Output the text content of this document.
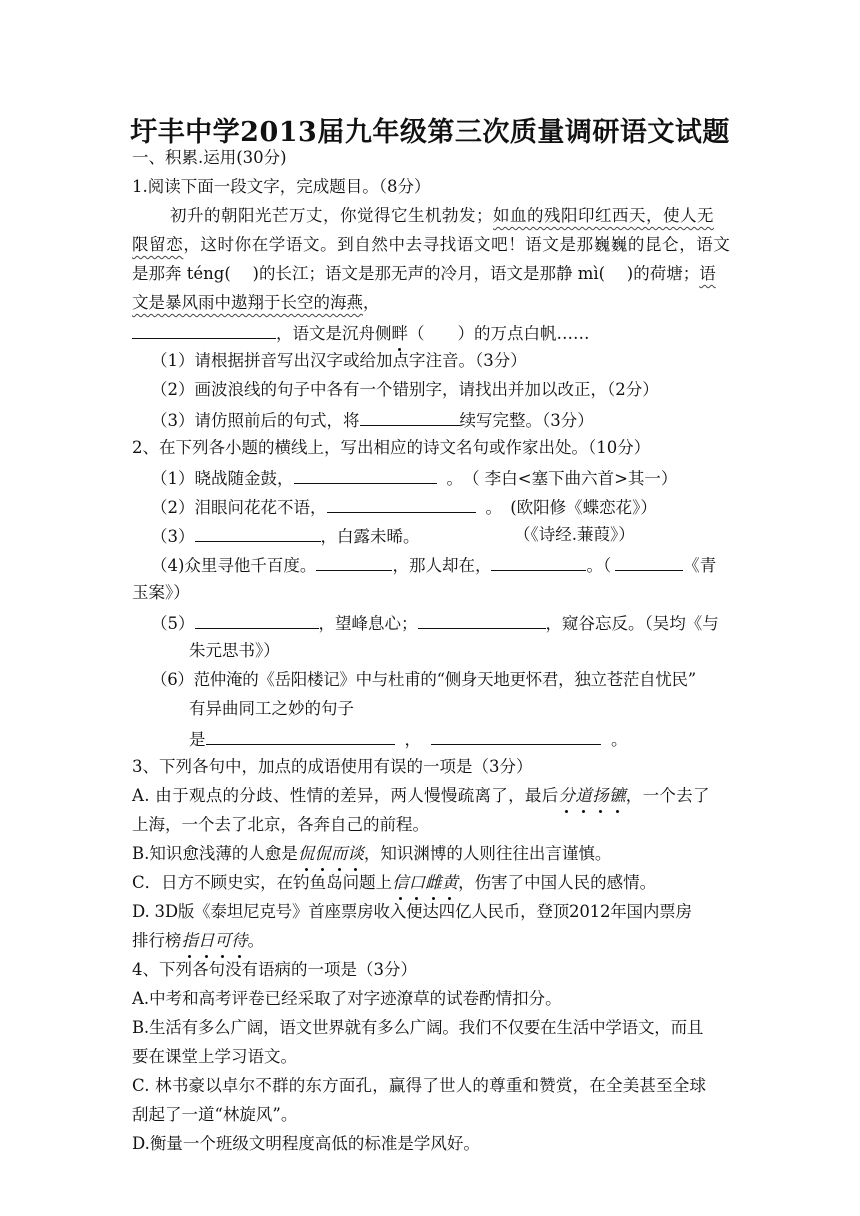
圩丰中学2013届九年级第三次质量调研语文试题
一、积累.运用(30分)
1.阅读下面一段文字，完成题目。（8分）
初升的朝阳光芒万丈，你觉得它生机勃发；如血的残阳印红西天，使人无
限留恋，这时你在学语文。到自然中去寻找语文吧！语文是那巍巍的昆仑，语文
是那奔 téng(　 )的长江；语文是那无声的冷月，语文是那静 mì(　 )的荷塘；语
文是暴风雨中遨翔于长空的海燕，
，语文是沉舟侧畔（　　）的万点白帆……
（1）请根据拼音写出汉字或给加点字注音。（3分）
（2）画波浪线的句子中各有一个错别字，请找出并加以改正，（2分）
（3）请仿照前后的句式，将	续写完整。（3分）
2、在下列各小题的横线上，写出相应的诗文名句或作家出处。（10分）
（1）晓战随金鼓，	。　（ 李白<塞下曲六首>其一）
（2）泪眼问花花不语，	。　(欧阳修《蝶恋花》）
（3）	，白露未晞。	（《诗经.蒹葭》）
（4)众里寻他千百度。	，那人却在，	。（	《青
玉案》）
（5）	，望峰息心；	，窥谷忘反。（吴均《与
朱元思书》）
（6）范仲淹的《岳阳楼记》中与杜甫的“侧身天地更怀君，独立苍茫自忧民”
有异曲同工之妙的句子
是	，	。
3、下列各句中，加点的成语使用有误的一项是（3分）
A. 由于观点的分歧、性情的差异，两人慢慢疏离了，最后分道扬镳，一个去了
上海，一个去了北京，各奔自己的前程。
B.知识愈浅薄的人愈是侃侃而谈，知识渊博的人则往往出言谨慎。
C．日方不顾史实，在钓鱼岛问题上信口雌黄，伤害了中国人民的感情。
D. 3D版《泰坦尼克号》首座票房收入便达四亿人民币，登顶2012年国内票房
排行榜指日可待。
4、下列各句没有语病的一项是（3分）
A.中考和高考评卷已经采取了对字迹潦草的试卷酌情扣分。
B.生活有多么广阔，语文世界就有多么广阔。我们不仅要在生活中学语文，而且
要在课堂上学习语文。
C. 林书豪以卓尔不群的东方面孔，赢得了世人的尊重和赞赏，在全美甚至全球
刮起了一道“林旋风”。
D.衡量一个班级文明程度高低的标准是学风好。
